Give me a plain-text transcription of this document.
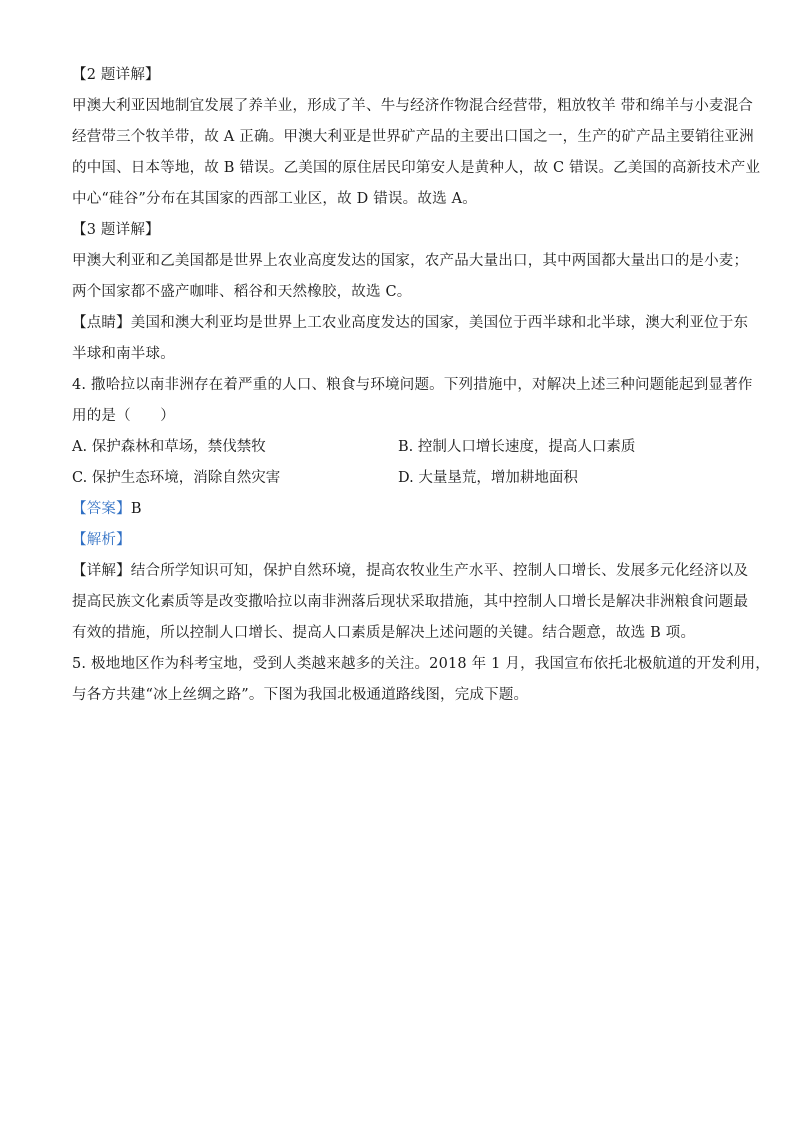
【2 题详解】
甲澳大利亚因地制宜发展了养羊业，形成了羊、牛与经济作物混合经营带，粗放牧羊 带和绵羊与小麦混合
经营带三个牧羊带，故 A 正确。甲澳大利亚是世界矿产品的主要出口国之一，生产的矿产品主要销往亚洲
的中国、日本等地，故 B 错误。乙美国的原住居民印第安人是黄种人，故 C 错误。乙美国的高新技术产业
中心“硅谷”分布在其国家的西部工业区，故 D 错误。故选 A。
【3 题详解】
甲澳大利亚和乙美国都是世界上农业高度发达的国家，农产品大量出口，其中两国都大量出口的是小麦；
两个国家都不盛产咖啡、稻谷和天然橡胶，故选 C。
【点睛】美国和澳大利亚均是世界上工农业高度发达的国家，美国位于西半球和北半球，澳大利亚位于东
半球和南半球。
4. 撒哈拉以南非洲存在着严重的人口、粮食与环境问题。下列措施中，对解决上述三种问题能起到显著作
用的是（　　）
A. 保护森林和草场，禁伐禁牧	B. 控制人口增长速度，提高人口素质
C. 保护生态环境，消除自然灾害	D. 大量垦荒，增加耕地面积
【答案】B
【解析】
【详解】结合所学知识可知，保护自然环境，提高农牧业生产水平、控制人口增长、发展多元化经济以及
提高民族文化素质等是改变撒哈拉以南非洲落后现状采取措施，其中控制人口增长是解决非洲粮食问题最
有效的措施，所以控制人口增长、提高人口素质是解决上述问题的关键。结合题意，故选 B 项。
5. 极地地区作为科考宝地，受到人类越来越多的关注。2018 年 1 月，我国宣布依托北极航道的开发利用，
与各方共建“冰上丝绸之路”。下图为我国北极通道路线图，完成下题。
